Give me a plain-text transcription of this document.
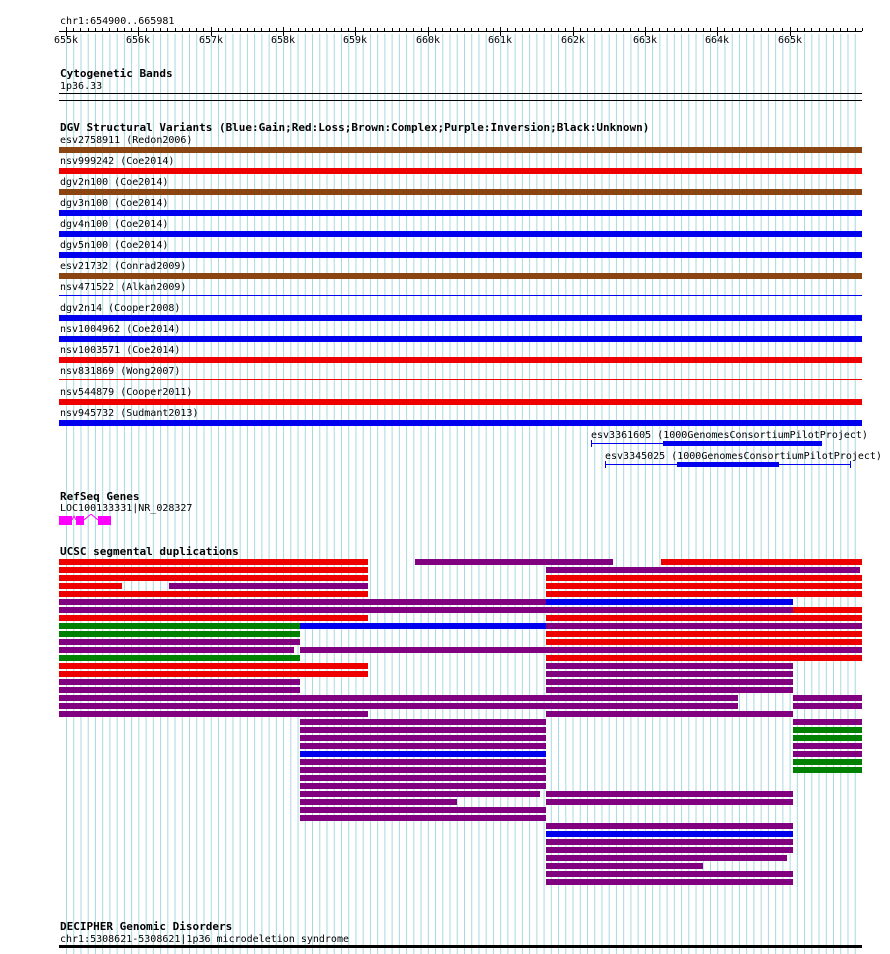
chr1:654900..665981
655k	656k	657k	658k	659k	660k	661k	662k	663k	664k	665k
Cytogenetic Bands
1p36.33
DGV Structural Variants (Blue:Gain;Red:Loss;Brown:Complex;Purple:Inversion;Black:Unknown)
esv2758911 (Redon2006)
nsv999242 (Coe2014)
dgv2n100 (Coe2014)
dgv3n100 (Coe2014)
dgv4n100 (Coe2014)
dgv5n100 (Coe2014)
esv21732 (Conrad2009)
nsv471522 (Alkan2009)
dgv2n14 (Cooper2008)
nsv1004962 (Coe2014)
nsv1003571 (Coe2014)
nsv831869 (Wong2007)
nsv544879 (Cooper2011)
nsv945732 (Sudmant2013)
esv3361605 (1000GenomesConsortiumPilotProject)
esv3345025 (1000GenomesConsortiumPilotProject)
RefSeq Genes
LOC100133331|NR_028327
UCSC segmental duplications
DECIPHER Genomic Disorders
chr1:5308621-5308621|1p36 microdeletion syndrome
